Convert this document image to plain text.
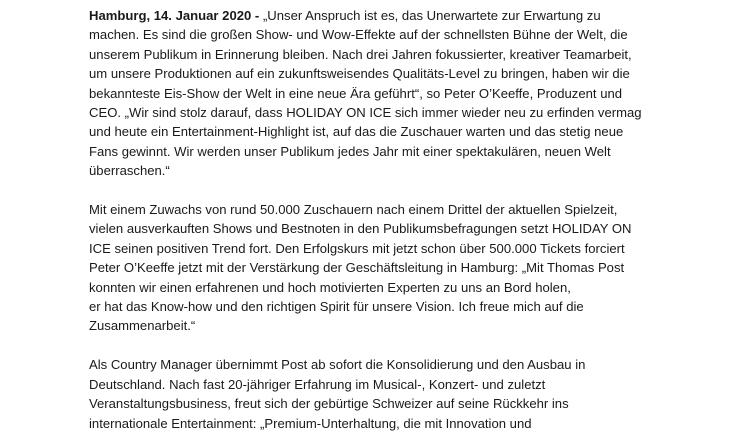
Hamburg, 14. Januar 2020 - „Unser Anspruch ist es, das Unerwartete zur Erwartung zu
machen. Es sind die großen Show- und Wow-Effekte auf der schnellsten Bühne der Welt, die
unserem Publikum in Erinnerung bleiben. Nach drei Jahren fokussierter, kreativer Teamarbeit,
um unsere Produktionen auf ein zukunftsweisendes Qualitäts-Level zu bringen, haben wir die
bekannteste Eis-Show der Welt in eine neue Ära geführt“, so Peter O’Keeffe, Produzent und
CEO. „Wir sind stolz darauf, dass HOLIDAY ON ICE sich immer wieder neu zu erfinden vermag
und heute ein Entertainment-Highlight ist, auf das die Zuschauer warten und das stetig neue
Fans gewinnt. Wir werden unser Publikum jedes Jahr mit einer spektakulären, neuen Welt
überraschen.“

Mit einem Zuwachs von rund 50.000 Zuschauern nach einem Drittel der aktuellen Spielzeit,
vielen ausverkauften Shows und Bestnoten in den Publikumsbefragungen setzt HOLIDAY ON
ICE seinen positiven Trend fort. Den Erfolgskurs mit jetzt schon über 500.000 Tickets forciert
Peter O’Keeffe jetzt mit der Verstärkung der Geschäftsleitung in Hamburg: „Mit Thomas Post
konnten wir einen erfahrenen und hoch motivierten Experten zu uns an Bord holen,
er hat das Know-how und den richtigen Spirit für unsere Vision. Ich freue mich auf die
Zusammenarbeit.“

Als Country Manager übernimmt Post ab sofort die Konsolidierung und den Ausbau in
Deutschland. Nach fast 20-jähriger Erfahrung im Musical-, Konzert- und zuletzt
Veranstaltungsbusiness, freut sich der gebürtige Schweizer auf seine Rückkehr ins
internationale Entertainment: „Premium-Unterhaltung, die mit Innovation und
